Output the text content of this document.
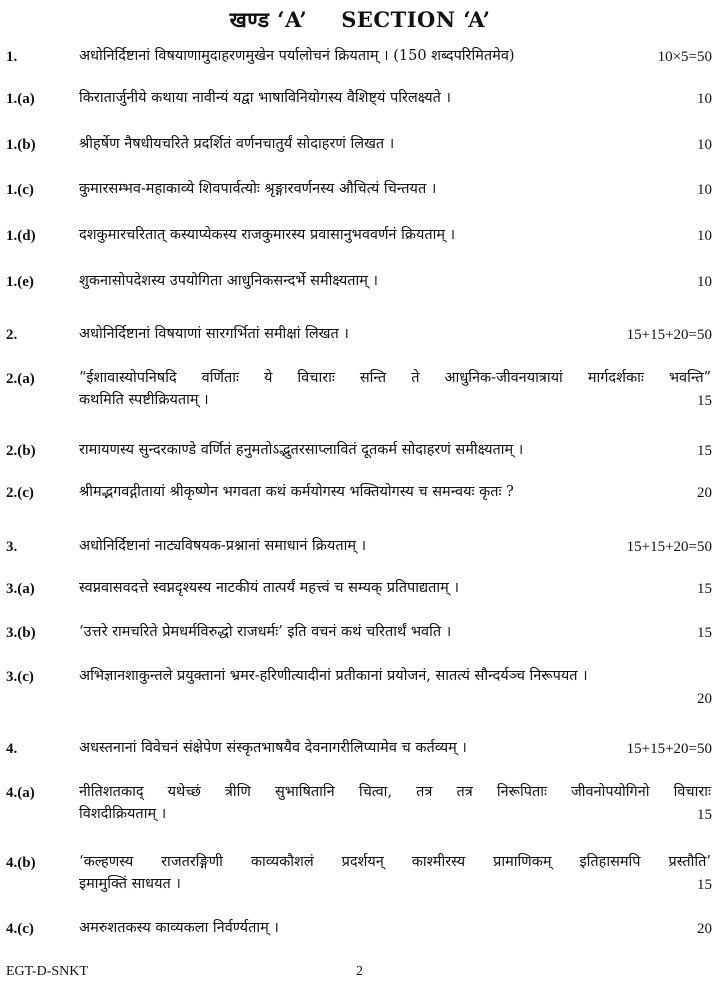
खण्ड ‘A’ SECTION ‘A’
1.	अधोनिर्दिष्टानां विषयाणामुदाहरणमुखेन पर्यालोचनं क्रियताम् । (150 शब्दपरिमितमेव)	10×5=50
1.(a)	किरातार्जुनीये कथाया नावीन्यं यद्वा भाषाविनियोगस्य वैशिष्ट्यं परिलक्ष्यते ।	10
1.(b)	श्रीहर्षेण नैषधीयचरिते प्रदर्शितं वर्णनचातुर्यं सोदाहरणं लिखत ।	10
1.(c)	कुमारसम्भव-महाकाव्ये शिवपार्वत्योः श्रृङ्गारवर्णनस्य औचित्यं चिन्तयत ।	10
1.(d)	दशकुमारचरितात् कस्याप्येकस्य राजकुमारस्य प्रवासानुभववर्णनं क्रियताम् ।	10
1.(e)	शुकनासोपदेशस्य उपयोगिता आधुनिकसन्दर्भे समीक्ष्यताम् ।	10
2.	अधोनिर्दिष्टानां विषयाणां सारगर्भितां समीक्षां लिखत ।	15+15+20=50
2.(a)	“ईशावास्योपनिषदि वर्णिताः ये विचाराः सन्ति ते आधुनिक-जीवनयात्रायां मार्गदर्शकाः भवन्ति”
कथमिति स्पष्टीक्रियताम् ।	15
2.(b)	रामायणस्य सुन्दरकाण्डे वर्णितं हनुमतोऽद्भुतरसाप्लावितं दूतकर्म सोदाहरणं समीक्ष्यताम् ।	15
2.(c)	श्रीमद्भगवद्गीतायां श्रीकृष्णेन भगवता कथं कर्मयोगस्य भक्तियोगस्य च समन्वयः कृतः ?	20
3.	अधोनिर्दिष्टानां नाट्यविषयक-प्रश्नानां समाधानं क्रियताम् ।	15+15+20=50
3.(a)	स्वप्नवासवदत्ते स्वप्नदृश्यस्य नाटकीयं तात्पर्यं महत्त्वं च सम्यक् प्रतिपाद्यताम् ।	15
3.(b)	‘उत्तरे रामचरिते प्रेमधर्मविरुद्धो राजधर्मः’ इति वचनं कथं चरितार्थं भवति ।	15
3.(c)	अभिज्ञानशाकुन्तले प्रयुक्तानां भ्रमर-हरिणीत्यादीनां प्रतीकानां प्रयोजनं, सातत्यं सौन्दर्यञ्च निरूपयत ।
20
4.	अधस्तनानां विवेचनं संक्षेपेण संस्कृतभाषयैव देवनागरीलिप्यामेव च कर्तव्यम् ।	15+15+20=50
4.(a)	नीतिशतकाद् यथेच्छं त्रीणि सुभाषितानि चित्वा, तत्र तत्र निरूपिताः जीवनोपयोगिनो विचाराः
विशदीक्रियताम् ।	15
4.(b)	‘कल्हणस्य राजतरङ्गिणी काव्यकौशलं प्रदर्शयन् काश्मीरस्य प्रामाणिकम् इतिहासमपि प्रस्तौति’
इमामुक्तिं साधयत ।	15
4.(c)	अमरुशतकस्य काव्यकला निर्वर्ण्यताम् ।	20
EGT-D-SNKT	2
